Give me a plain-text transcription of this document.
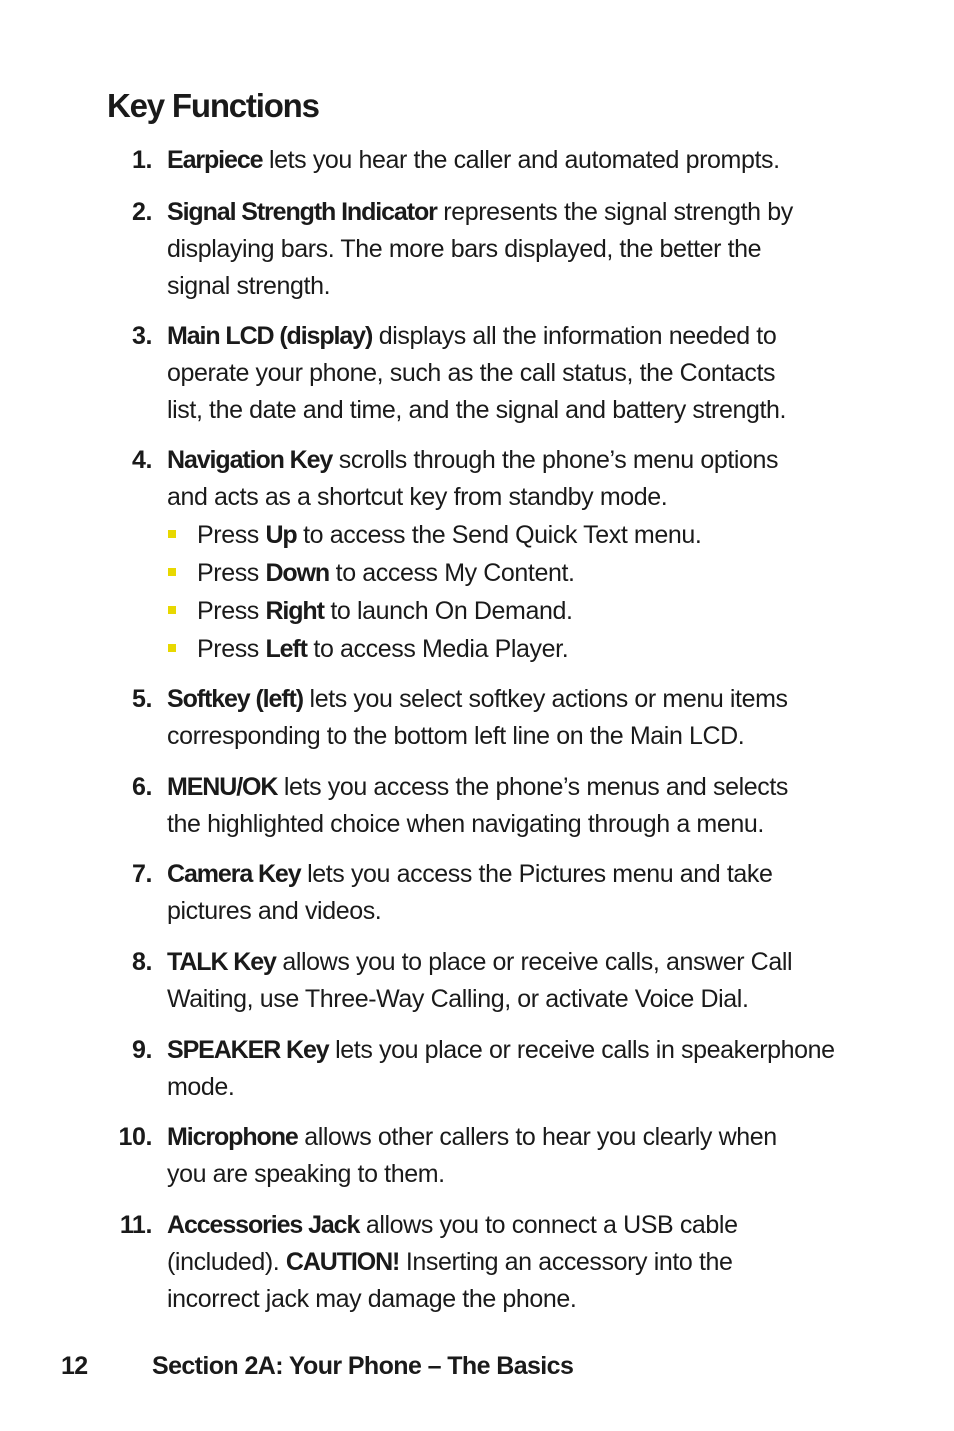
Key Functions
1. Earpiece lets you hear the caller and automated prompts.

2. Signal Strength Indicator represents the signal strength by

displaying bars. The more bars displayed, the better the

signal strength.

3. Main LCD (display) displays all the information needed to

operate your phone, such as the call status, the Contacts

list, the date and time, and the signal and battery strength.

4. Navigation Key scrolls through the phone’s menu options

and acts as a shortcut key from standby mode.

Press Up to access the Send Quick Text menu.
Press Down to access My Content.
Press Right to launch On Demand.
Press Left to access Media Player.
5. Softkey (left) lets you select softkey actions or menu items

corresponding to the bottom left line on the Main LCD.

6. MENU/OK lets you access the phone’s menus and selects

the highlighted choice when navigating through a menu.

7. Camera Key lets you access the Pictures menu and take

pictures and videos.

8. TALK Key allows you to place or receive calls, answer Call

Waiting, use Three-Way Calling, or activate Voice Dial.

9. SPEAKER Key lets you place or receive calls in speakerphone

mode.

10. Microphone allows other callers to hear you clearly when

you are speaking to them.

11. Accessories Jack allows you to connect a USB cable

(included). CAUTION! Inserting an accessory into the

incorrect jack may damage the phone.

12	Section 2A: Your Phone – The Basics
